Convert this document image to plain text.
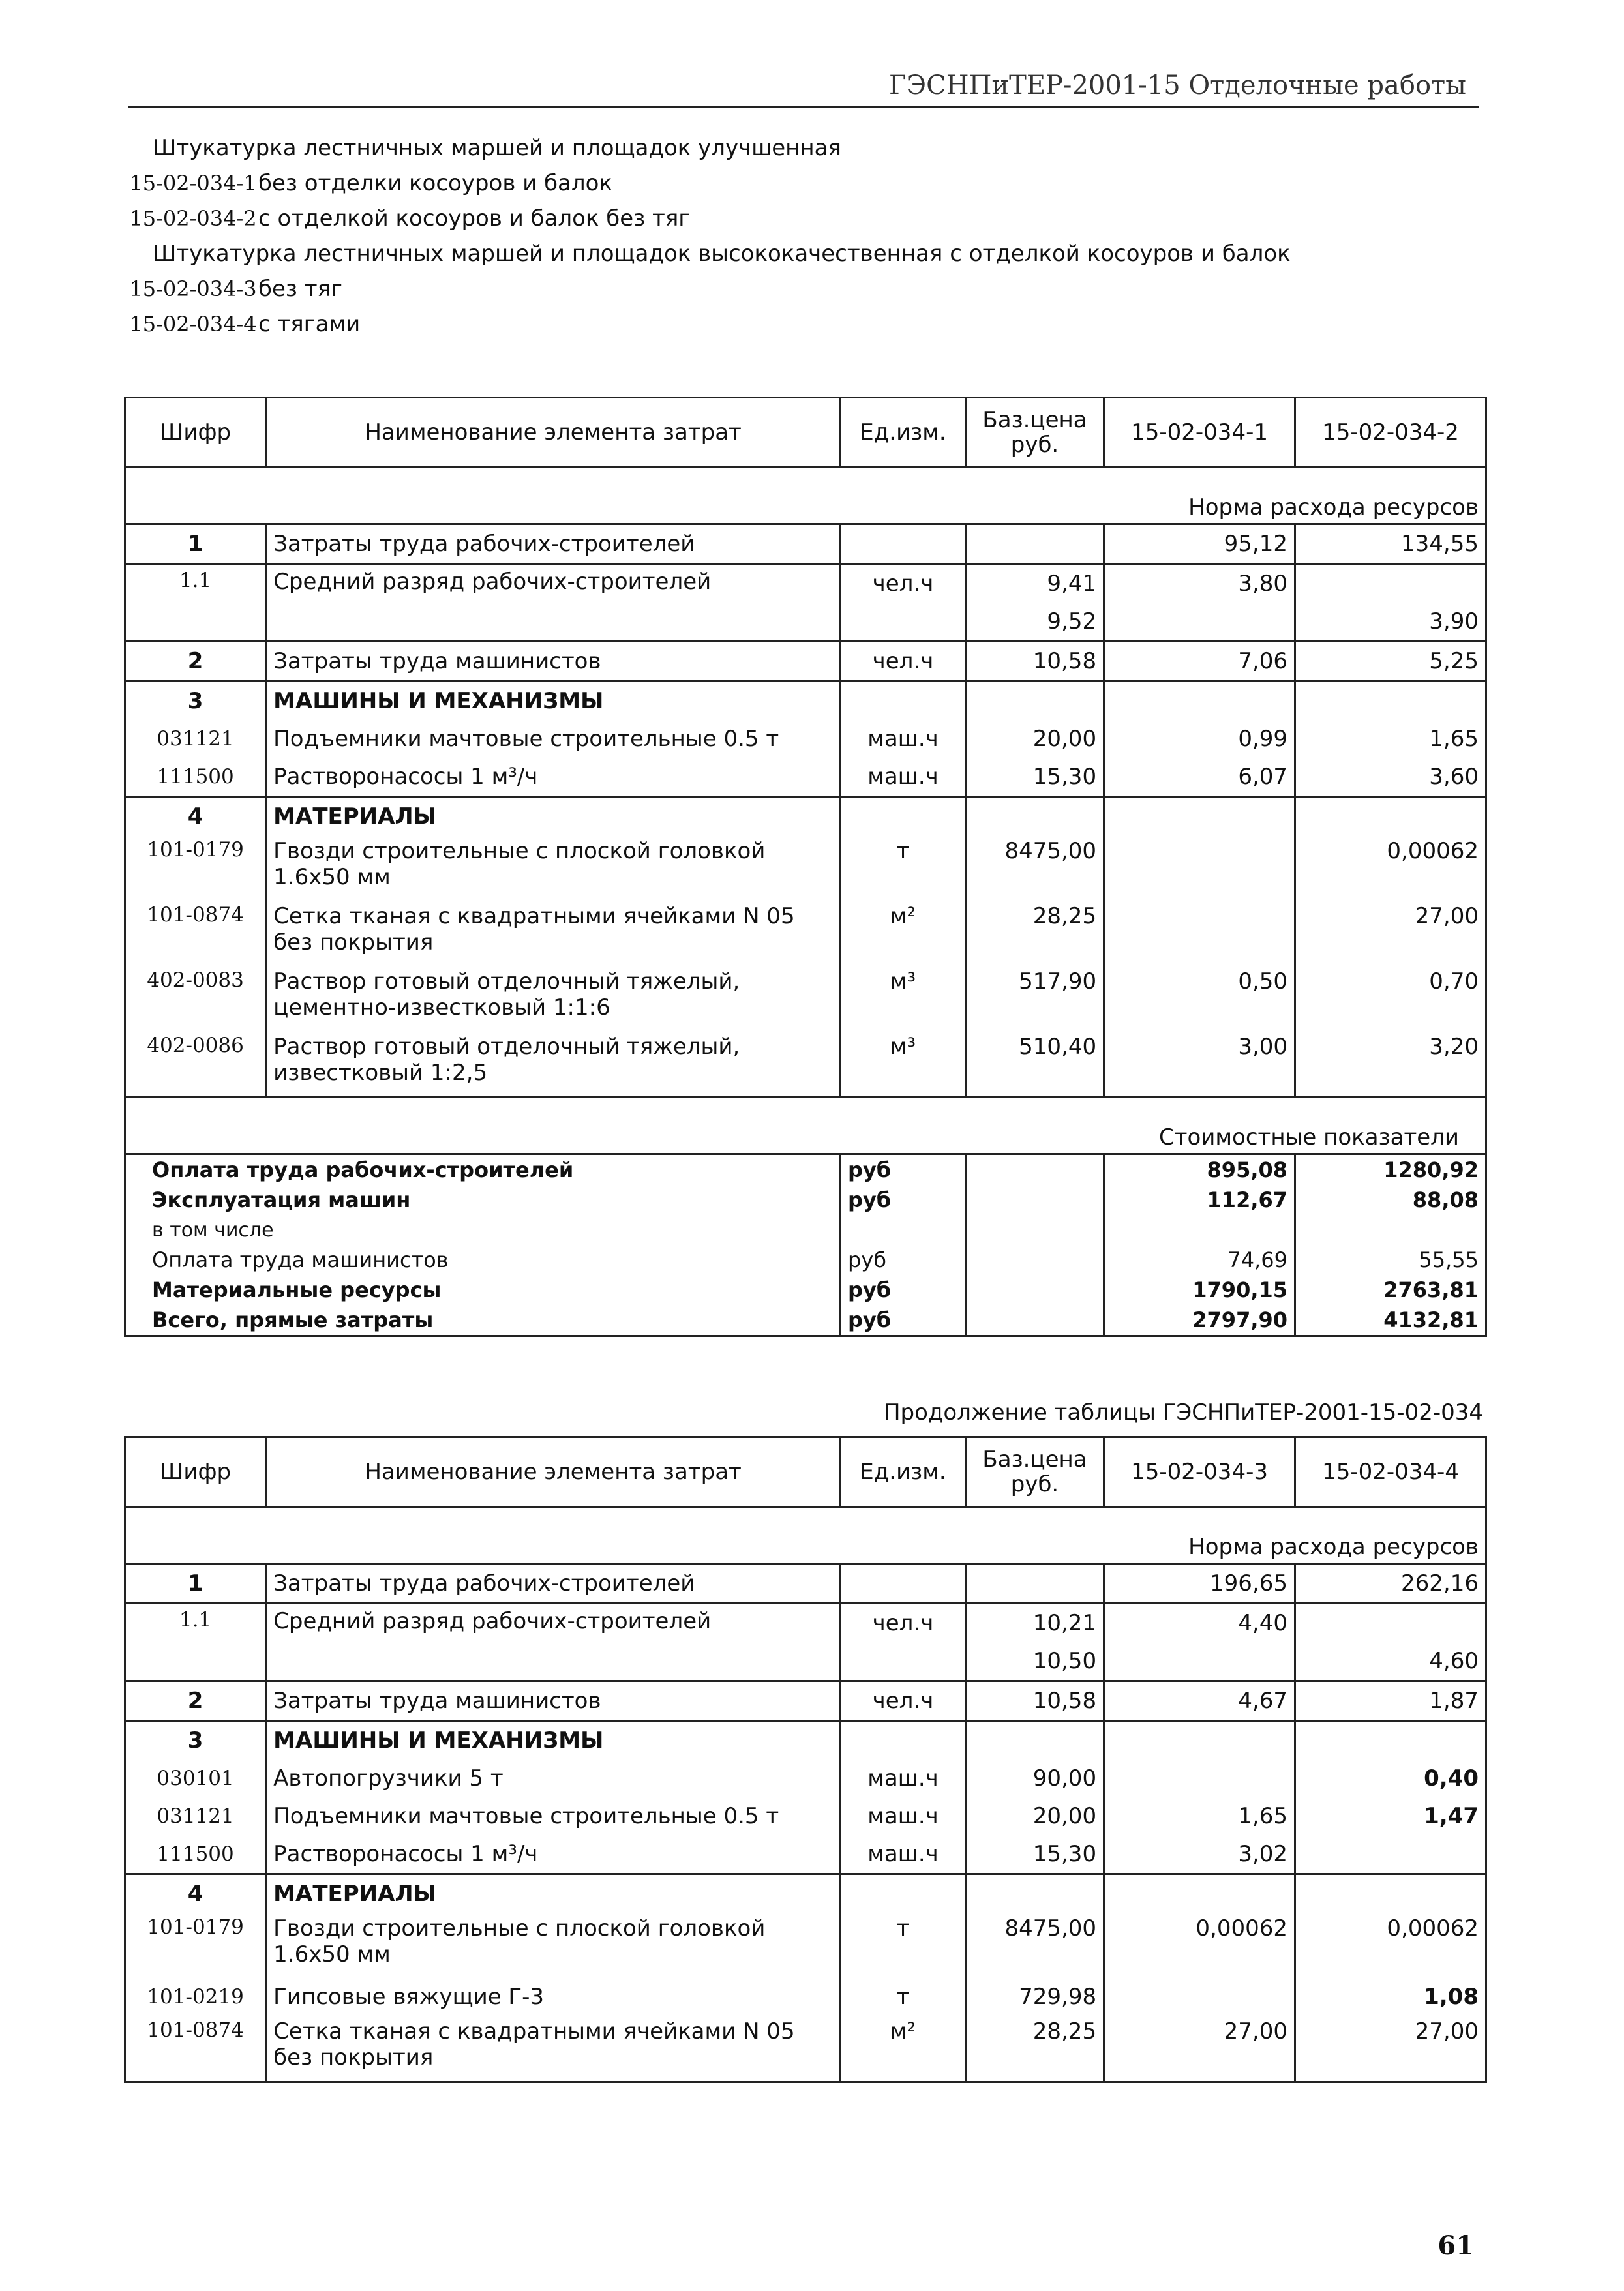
ГЭСНПиТЕР-2001-15 Отделочные работы
Штукатурка лестничных маршей и площадок улучшенная
15-02-034-1 без отделки косоуров и балок
15-02-034-2 с отделкой косоуров и балок без тяг
Штукатурка лестничных маршей и площадок высококачественная с отделкой косоуров и балок
15-02-034-3 без тяг
15-02-034-4 с тягами
Шифр	Наименование элемента затрат	Ед.изм.	Баз.цена руб.	15-02-034-1	15-02-034-2
Норма расхода ресурсов					
1	Затраты труда рабочих-строителей			95,12	134,55
1.1	Средний разряд рабочих-строителей	чел.ч	9,41	3,80	
			9,52		3,90
2	Затраты труда машинистов	чел.ч	10,58	7,06	5,25
3	МАШИНЫ И МЕХАНИЗМЫ				
031121	Подъемники мачтовые строительные 0.5 т	маш.ч	20,00	0,99	1,65
111500	Растворонасосы 1 м³/ч	маш.ч	15,30	6,07	3,60
4	МАТЕРИАЛЫ				
101-0179	Гвозди строительные с плоской головкой 1.6х50 мм	т	8475,00		0,00062
101-0874	Сетка тканая с квадратными ячейками N 05 без покрытия	м²	28,25		27,00
402-0083	Раствор готовый отделочный тяжелый, цементно-известковый 1:1:6	м³	517,90	0,50	0,70
402-0086	Раствор готовый отделочный тяжелый, известковый 1:2,5	м³	510,40	3,00	3,20
Стоимостные показатели					
Оплата труда рабочих-строителей		руб		895,08	1280,92
Эксплуатация машин		руб		112,67	88,08
в том числе					
Оплата труда машинистов		руб		74,69	55,55
Материальные ресурсы		руб		1790,15	2763,81
Всего, прямые затраты		руб		2797,90	4132,81
Продолжение таблицы ГЭСНПиТЕР-2001-15-02-034
Шифр	Наименование элемента затрат	Ед.изм.	Баз.цена руб.	15-02-034-3	15-02-034-4
Норма расхода ресурсов					
1	Затраты труда рабочих-строителей			196,65	262,16
1.1	Средний разряд рабочих-строителей	чел.ч	10,21	4,40	
			10,50		4,60
2	Затраты труда машинистов	чел.ч	10,58	4,67	1,87
3	МАШИНЫ И МЕХАНИЗМЫ				
030101	Автопогрузчики 5 т	маш.ч	90,00		0,40
031121	Подъемники мачтовые строительные 0.5 т	маш.ч	20,00	1,65	1,47
111500	Растворонасосы 1 м³/ч	маш.ч	15,30	3,02	
4	МАТЕРИАЛЫ				
101-0179	Гвозди строительные с плоской головкой 1.6х50 мм	т	8475,00	0,00062	0,00062
101-0219	Гипсовые вяжущие Г-3	т	729,98		1,08
101-0874	Сетка тканая с квадратными ячейками N 05 без покрытия	м²	28,25	27,00	27,00
61
